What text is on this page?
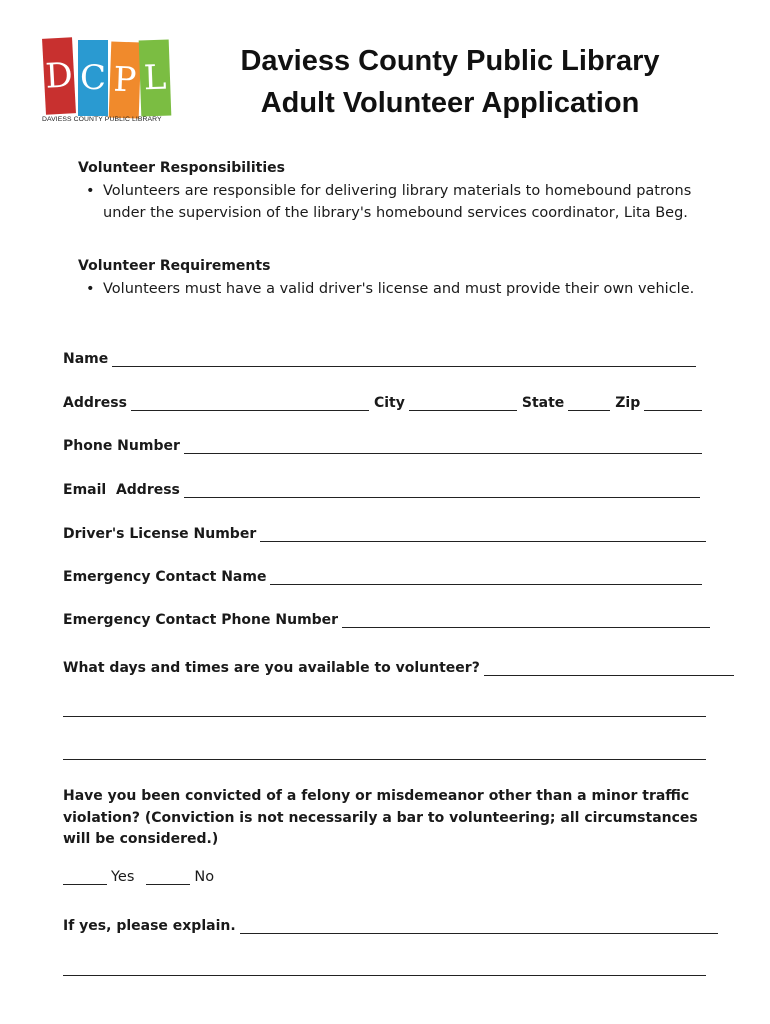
D C P L
DAVIESS COUNTY PUBLIC LIBRARY
Daviess County Public Library
Adult Volunteer Application
Volunteer Responsibilities
• Volunteers are responsible for delivering library materials to homebound patrons under the supervision of the library's homebound services coordinator, Lita Beg.
Volunteer Requirements
• Volunteers must have a valid driver's license and must provide their own vehicle.
Name
Address	City	State	Zip
Phone Number
Email  Address
Driver's License Number
Emergency Contact Name
Emergency Contact Phone Number
What days and times are you available to volunteer?
Have you been convicted of a felony or misdemeanor other than a minor traffic violation? (Conviction is not necessarily a bar to volunteering; all circumstances will be considered.)
Yes	No
If yes, please explain.
